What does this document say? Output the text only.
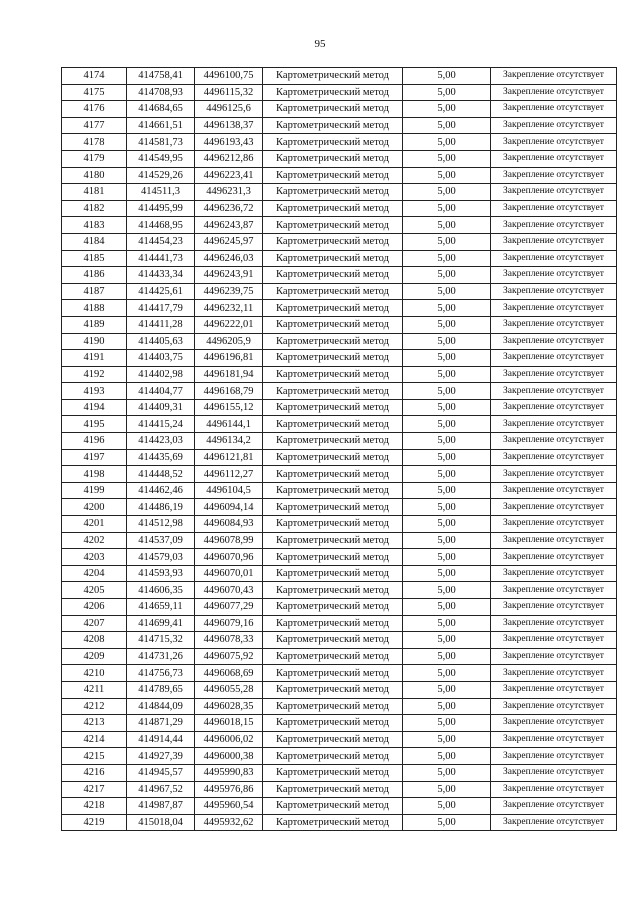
95
4174	414758,41	4496100,75	Картометрический метод	5,00	Закрепление отсутствует
4175	414708,93	4496115,32	Картометрический метод	5,00	Закрепление отсутствует
4176	414684,65	4496125,6	Картометрический метод	5,00	Закрепление отсутствует
4177	414661,51	4496138,37	Картометрический метод	5,00	Закрепление отсутствует
4178	414581,73	4496193,43	Картометрический метод	5,00	Закрепление отсутствует
4179	414549,95	4496212,86	Картометрический метод	5,00	Закрепление отсутствует
4180	414529,26	4496223,41	Картометрический метод	5,00	Закрепление отсутствует
4181	414511,3	4496231,3	Картометрический метод	5,00	Закрепление отсутствует
4182	414495,99	4496236,72	Картометрический метод	5,00	Закрепление отсутствует
4183	414468,95	4496243,87	Картометрический метод	5,00	Закрепление отсутствует
4184	414454,23	4496245,97	Картометрический метод	5,00	Закрепление отсутствует
4185	414441,73	4496246,03	Картометрический метод	5,00	Закрепление отсутствует
4186	414433,34	4496243,91	Картометрический метод	5,00	Закрепление отсутствует
4187	414425,61	4496239,75	Картометрический метод	5,00	Закрепление отсутствует
4188	414417,79	4496232,11	Картометрический метод	5,00	Закрепление отсутствует
4189	414411,28	4496222,01	Картометрический метод	5,00	Закрепление отсутствует
4190	414405,63	4496205,9	Картометрический метод	5,00	Закрепление отсутствует
4191	414403,75	4496196,81	Картометрический метод	5,00	Закрепление отсутствует
4192	414402,98	4496181,94	Картометрический метод	5,00	Закрепление отсутствует
4193	414404,77	4496168,79	Картометрический метод	5,00	Закрепление отсутствует
4194	414409,31	4496155,12	Картометрический метод	5,00	Закрепление отсутствует
4195	414415,24	4496144,1	Картометрический метод	5,00	Закрепление отсутствует
4196	414423,03	4496134,2	Картометрический метод	5,00	Закрепление отсутствует
4197	414435,69	4496121,81	Картометрический метод	5,00	Закрепление отсутствует
4198	414448,52	4496112,27	Картометрический метод	5,00	Закрепление отсутствует
4199	414462,46	4496104,5	Картометрический метод	5,00	Закрепление отсутствует
4200	414486,19	4496094,14	Картометрический метод	5,00	Закрепление отсутствует
4201	414512,98	4496084,93	Картометрический метод	5,00	Закрепление отсутствует
4202	414537,09	4496078,99	Картометрический метод	5,00	Закрепление отсутствует
4203	414579,03	4496070,96	Картометрический метод	5,00	Закрепление отсутствует
4204	414593,93	4496070,01	Картометрический метод	5,00	Закрепление отсутствует
4205	414606,35	4496070,43	Картометрический метод	5,00	Закрепление отсутствует
4206	414659,11	4496077,29	Картометрический метод	5,00	Закрепление отсутствует
4207	414699,41	4496079,16	Картометрический метод	5,00	Закрепление отсутствует
4208	414715,32	4496078,33	Картометрический метод	5,00	Закрепление отсутствует
4209	414731,26	4496075,92	Картометрический метод	5,00	Закрепление отсутствует
4210	414756,73	4496068,69	Картометрический метод	5,00	Закрепление отсутствует
4211	414789,65	4496055,28	Картометрический метод	5,00	Закрепление отсутствует
4212	414844,09	4496028,35	Картометрический метод	5,00	Закрепление отсутствует
4213	414871,29	4496018,15	Картометрический метод	5,00	Закрепление отсутствует
4214	414914,44	4496006,02	Картометрический метод	5,00	Закрепление отсутствует
4215	414927,39	4496000,38	Картометрический метод	5,00	Закрепление отсутствует
4216	414945,57	4495990,83	Картометрический метод	5,00	Закрепление отсутствует
4217	414967,52	4495976,86	Картометрический метод	5,00	Закрепление отсутствует
4218	414987,87	4495960,54	Картометрический метод	5,00	Закрепление отсутствует
4219	415018,04	4495932,62	Картометрический метод	5,00	Закрепление отсутствует
